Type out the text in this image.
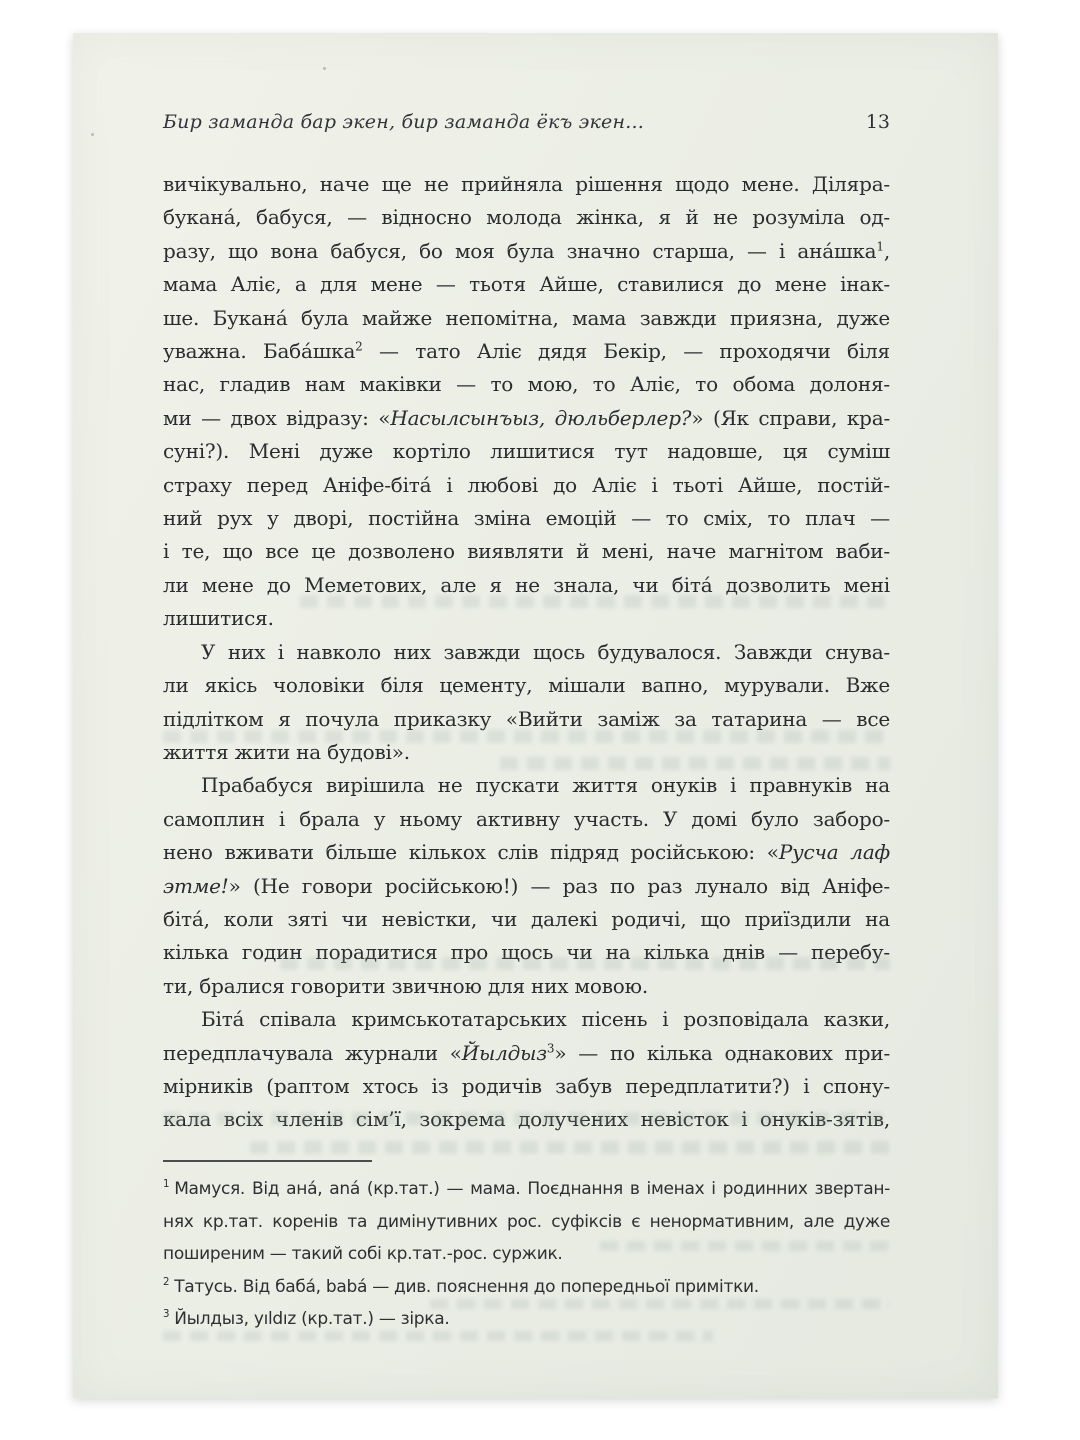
Бир заманда бар экен, бир заманда ёкъ экен...	13
вичікувально, наче ще не прийняла рішення щодо мене. Діляра-
букана́, бабуся, — відносно молода жінка, я й не розуміла од-
разу, що вона бабуся, бо моя була значно старша, — і ана́шка$^1$,
мама Аліє, а для мене — тьотя Айше, ставилися до мене інак-
ше. Букана́ була майже непомітна, мама завжди приязна, дуже
уважна. Баба́шка$^2$ — тато Аліє дядя Бекір, — проходячи біля
нас, гладив нам маківки — то мою, то Аліє, то обома долоня-
ми — двох відразу: «Насылсынъыз, дюльберлер?» (Як справи, кра-
суні?). Мені дуже кортіло лишитися тут надовше, ця суміш
страху перед Аніфе-біта́ і любові до Аліє і тьоті Айше, постій-
ний рух у дворі, постійна зміна емоцій — то сміх, то плач —
і те, що все це дозволено виявляти й мені, наче магнітом ваби-
ли мене до Меметових, але я не знала, чи біта́ дозволить мені
лишитися.
У них і навколо них завжди щось будувалося. Завжди снува-
ли якісь чоловіки біля цементу, мішали вапно, мурували. Вже
підлітком я почула приказку «Вийти заміж за татарина — все
життя жити на будові».
Прабабуся вирішила не пускати життя онуків і правнуків на
самоплин і брала у ньому активну участь. У домі було заборо-
нено вживати більше кількох слів підряд російською: «Русча лаф
этме!» (Не говори російською!) — раз по раз лунало від Аніфе-
біта́, коли зяті чи невістки, чи далекі родичі, що приїздили на
кілька годин порадитися про щось чи на кілька днів — перебу-
ти, бралися говорити звичною для них мовою.
Біта́ співала кримськотатарських пісень і розповідала казки,
передплачувала журнали «Йылдыз$^3$» — по кілька однакових при-
мірників (раптом хтось із родичів забув передплатити?) і спону-
кала всіх членів сім’ї, зокрема долучених невісток і онуків-зятів,
$^1$ Мамуся. Від ана́, aná (кр.тат.) — мама. Поєднання в іменах і родинних звертан-
нях кр.тат. коренів та димінутивних рос. суфіксів є ненормативним, але дуже
поширеним — такий собі кр.тат.-рос. суржик.
$^2$ Татусь. Від баба́, babá — див. пояснення до попередньої примітки.
$^3$ Йылдыз, yıldız (кр.тат.) — зірка.
